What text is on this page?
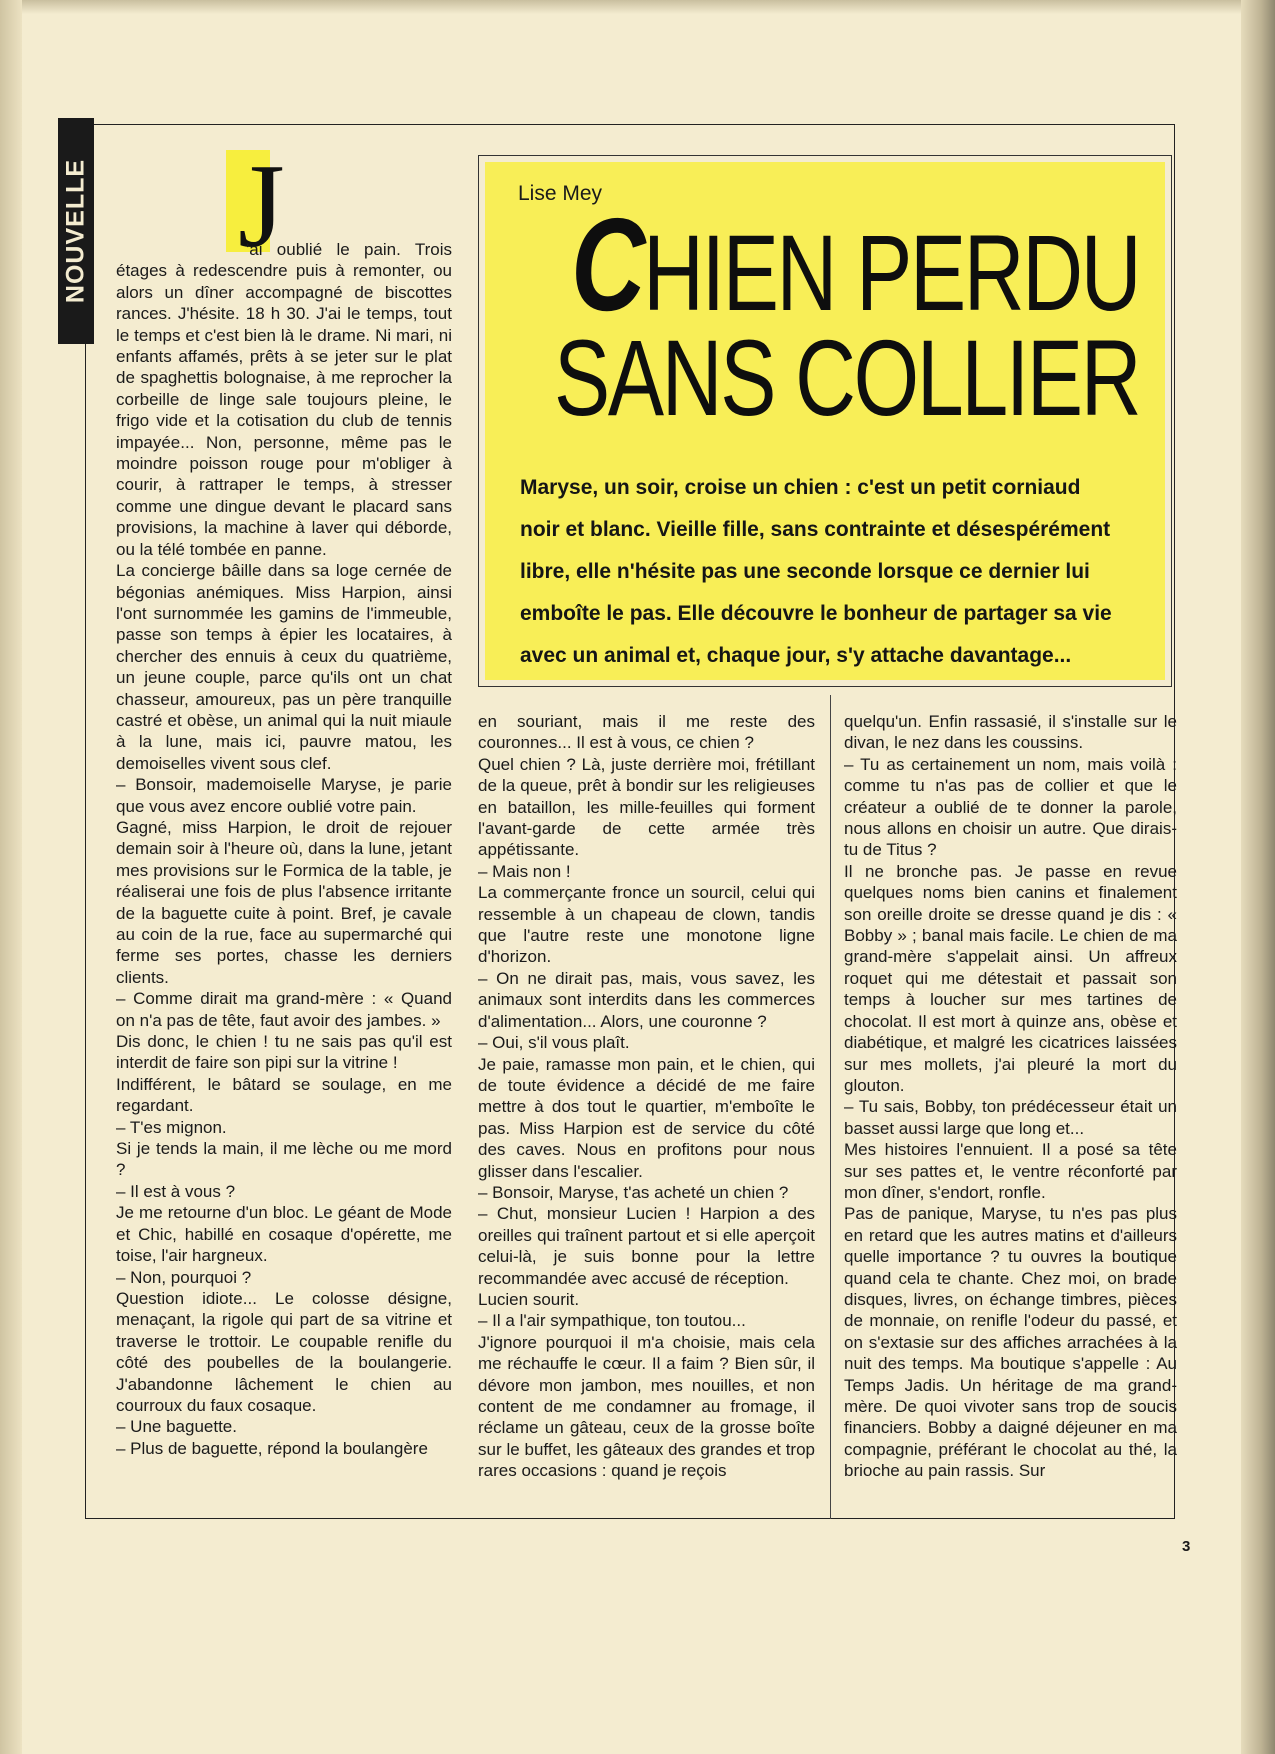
NOUVELLE	Lise Mey
CHIEN PERDU
SANS COLLIER
Maryse, un soir, croise un chien : c'est un petit corniaud noir et blanc. Vieille fille, sans contrainte et désespérément libre, elle n'hésite pas une seconde lorsque ce dernier lui emboîte le pas. Elle découvre le bonheur de partager sa vie avec un animal et, chaque jour, s'y attache davantage...
J

'ai oublié le pain. Trois étages à redescendre puis à remonter, ou alors un dîner accompagné de biscottes rances. J'hésite. 18 h 30. J'ai le temps, tout le temps et c'est bien là le drame. Ni mari, ni enfants affamés, prêts à se jeter sur le plat de spaghettis bolognaise, à me reprocher la corbeille de linge sale toujours pleine, le frigo vide et la cotisation du club de tennis impayée... Non, personne, même pas le moindre poisson rouge pour m'obliger à courir, à rattraper le temps, à stresser comme une dingue devant le placard sans provisions, la machine à laver qui déborde, ou la télé tombée en panne.

La concierge bâille dans sa loge cernée de bégonias anémiques. Miss Harpion, ainsi l'ont surnommée les gamins de l'immeuble, passe son temps à épier les locataires, à chercher des ennuis à ceux du quatrième, un jeune couple, parce qu'ils ont un chat chasseur, amoureux, pas un père tranquille castré et obèse, un animal qui la nuit miaule à la lune, mais ici, pauvre matou, les demoiselles vivent sous clef.

– Bonsoir, mademoiselle Maryse, je parie que vous avez encore oublié votre pain.

Gagné, miss Harpion, le droit de rejouer demain soir à l'heure où, dans la lune, jetant mes provisions sur le Formica de la table, je réaliserai une fois de plus l'absence irritante de la baguette cuite à point. Bref, je cavale au coin de la rue, face au supermarché qui ferme ses portes, chasse les derniers clients.

– Comme dirait ma grand-mère : « Quand on n'a pas de tête, faut avoir des jambes. »

Dis donc, le chien ! tu ne sais pas qu'il est interdit de faire son pipi sur la vitrine !

Indifférent, le bâtard se soulage, en me regardant.

– T'es mignon.

Si je tends la main, il me lèche ou me mord ?

– Il est à vous ?

Je me retourne d'un bloc. Le géant de Mode et Chic, habillé en cosaque d'opérette, me toise, l'air hargneux.

– Non, pourquoi ?

Question idiote... Le colosse désigne, menaçant, la rigole qui part de sa vitrine et traverse le trottoir. Le coupable renifle du côté des poubelles de la boulangerie. J'abandonne lâchement le chien au courroux du faux cosaque.

– Une baguette.

– Plus de baguette, répond la boulangère

en souriant, mais il me reste des couronnes... Il est à vous, ce chien ?

Quel chien ? Là, juste derrière moi, frétillant de la queue, prêt à bondir sur les religieuses en bataillon, les mille-feuilles qui forment l'avant-garde de cette armée très appétissante.

– Mais non !

La commerçante fronce un sourcil, celui qui ressemble à un chapeau de clown, tandis que l'autre reste une monotone ligne d'horizon.

– On ne dirait pas, mais, vous savez, les animaux sont interdits dans les commerces d'alimentation... Alors, une couronne ?

– Oui, s'il vous plaît.

Je paie, ramasse mon pain, et le chien, qui de toute évidence a décidé de me faire mettre à dos tout le quartier, m'emboîte le pas. Miss Harpion est de service du côté des caves. Nous en profitons pour nous glisser dans l'escalier.

– Bonsoir, Maryse, t'as acheté un chien ?

– Chut, monsieur Lucien ! Harpion a des oreilles qui traînent partout et si elle aperçoit celui-là, je suis bonne pour la lettre recommandée avec accusé de réception.

Lucien sourit.

– Il a l'air sympathique, ton toutou...

J'ignore pourquoi il m'a choisie, mais cela me réchauffe le cœur. Il a faim ? Bien sûr, il dévore mon jambon, mes nouilles, et non content de me condamner au fromage, il réclame un gâteau, ceux de la grosse boîte sur le buffet, les gâteaux des grandes et trop rares occasions : quand je reçois

quelqu'un. Enfin rassasié, il s'installe sur le divan, le nez dans les coussins.

– Tu as certainement un nom, mais voilà : comme tu n'as pas de collier et que le créateur a oublié de te donner la parole, nous allons en choisir un autre. Que dirais-tu de Titus ?

Il ne bronche pas. Je passe en revue quelques noms bien canins et finalement son oreille droite se dresse quand je dis : « Bobby » ; banal mais facile. Le chien de ma grand-mère s'appelait ainsi. Un affreux roquet qui me détestait et passait son temps à loucher sur mes tartines de chocolat. Il est mort à quinze ans, obèse et diabétique, et malgré les cicatrices laissées sur mes mollets, j'ai pleuré la mort du glouton.

– Tu sais, Bobby, ton prédécesseur était un basset aussi large que long et...

Mes histoires l'ennuient. Il a posé sa tête sur ses pattes et, le ventre réconforté par mon dîner, s'endort, ronfle.

Pas de panique, Maryse, tu n'es pas plus en retard que les autres matins et d'ailleurs quelle importance ? tu ouvres la boutique quand cela te chante. Chez moi, on brade disques, livres, on échange timbres, pièces de monnaie, on renifle l'odeur du passé, et on s'extasie sur des affiches arrachées à la nuit des temps. Ma boutique s'appelle : Au Temps Jadis. Un héritage de ma grand-mère. De quoi vivoter sans trop de soucis financiers. Bobby a daigné déjeuner en ma compagnie, préférant le chocolat au thé, la brioche au pain rassis. Sur

3
